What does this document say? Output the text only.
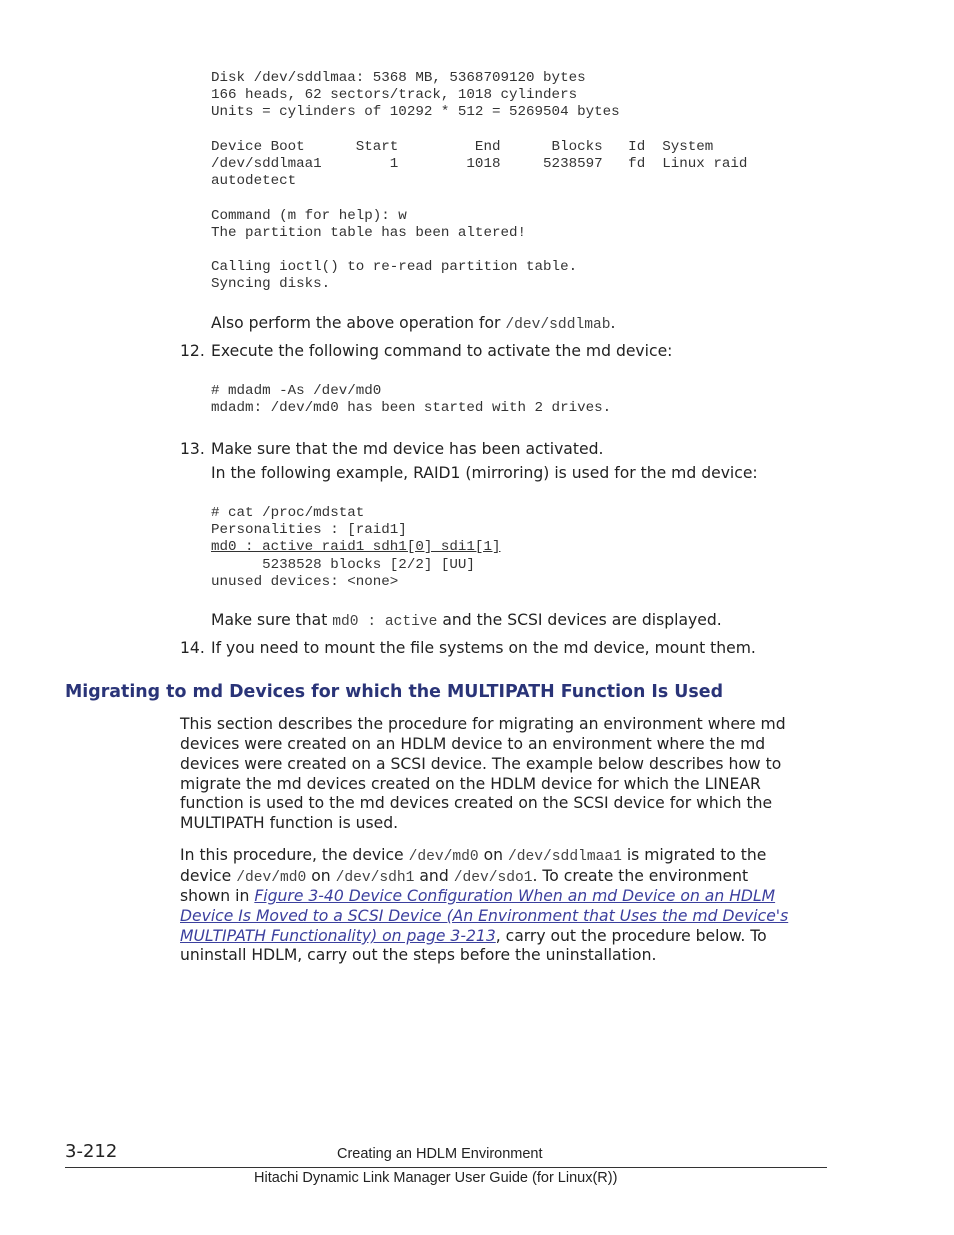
Disk /dev/sddlmaa: 5368 MB, 5368709120 bytes
166 heads, 62 sectors/track, 1018 cylinders
Units = cylinders of 10292 * 512 = 5269504 bytes

Device Boot      Start         End      Blocks   Id  System
/dev/sddlmaa1        1        1018     5238597   fd  Linux raid
autodetect

Command (m for help): w
The partition table has been altered!

Calling ioctl() to re-read partition table.
Syncing disks.
Also perform the above operation for /dev/sddlmab.
12. Execute the following command to activate the md device:
# mdadm -As /dev/md0
mdadm: /dev/md0 has been started with 2 drives.
13. Make sure that the md device has been activated.
In the following example, RAID1 (mirroring) is used for the md device:
# cat /proc/mdstat
Personalities : [raid1]
md0 : active raid1 sdh1[0] sdi1[1]
5238528 blocks [2/2] [UU]
unused devices: <none>
Make sure that md0 : active and the SCSI devices are displayed.
14. If you need to mount the file systems on the md device, mount them.
Migrating to md Devices for which the MULTIPATH Function Is Used
This section describes the procedure for migrating an environment where md
devices were created on an HDLM device to an environment where the md
devices were created on a SCSI device. The example below describes how to
migrate the md devices created on the HDLM device for which the LINEAR
function is used to the md devices created on the SCSI device for which the
MULTIPATH function is used.
In this procedure, the device /dev/md0 on /dev/sddlmaa1 is migrated to the
device /dev/md0 on /dev/sdh1 and /dev/sdo1. To create the environment
shown in Figure 3-40 Device Configuration When an md Device on an HDLM
Device Is Moved to a SCSI Device (An Environment that Uses the md Device's
MULTIPATH Functionality) on page 3-213, carry out the procedure below. To
uninstall HDLM, carry out the steps before the uninstallation.
3-212	Creating an HDLM Environment
Hitachi Dynamic Link Manager User Guide (for Linux(R))
